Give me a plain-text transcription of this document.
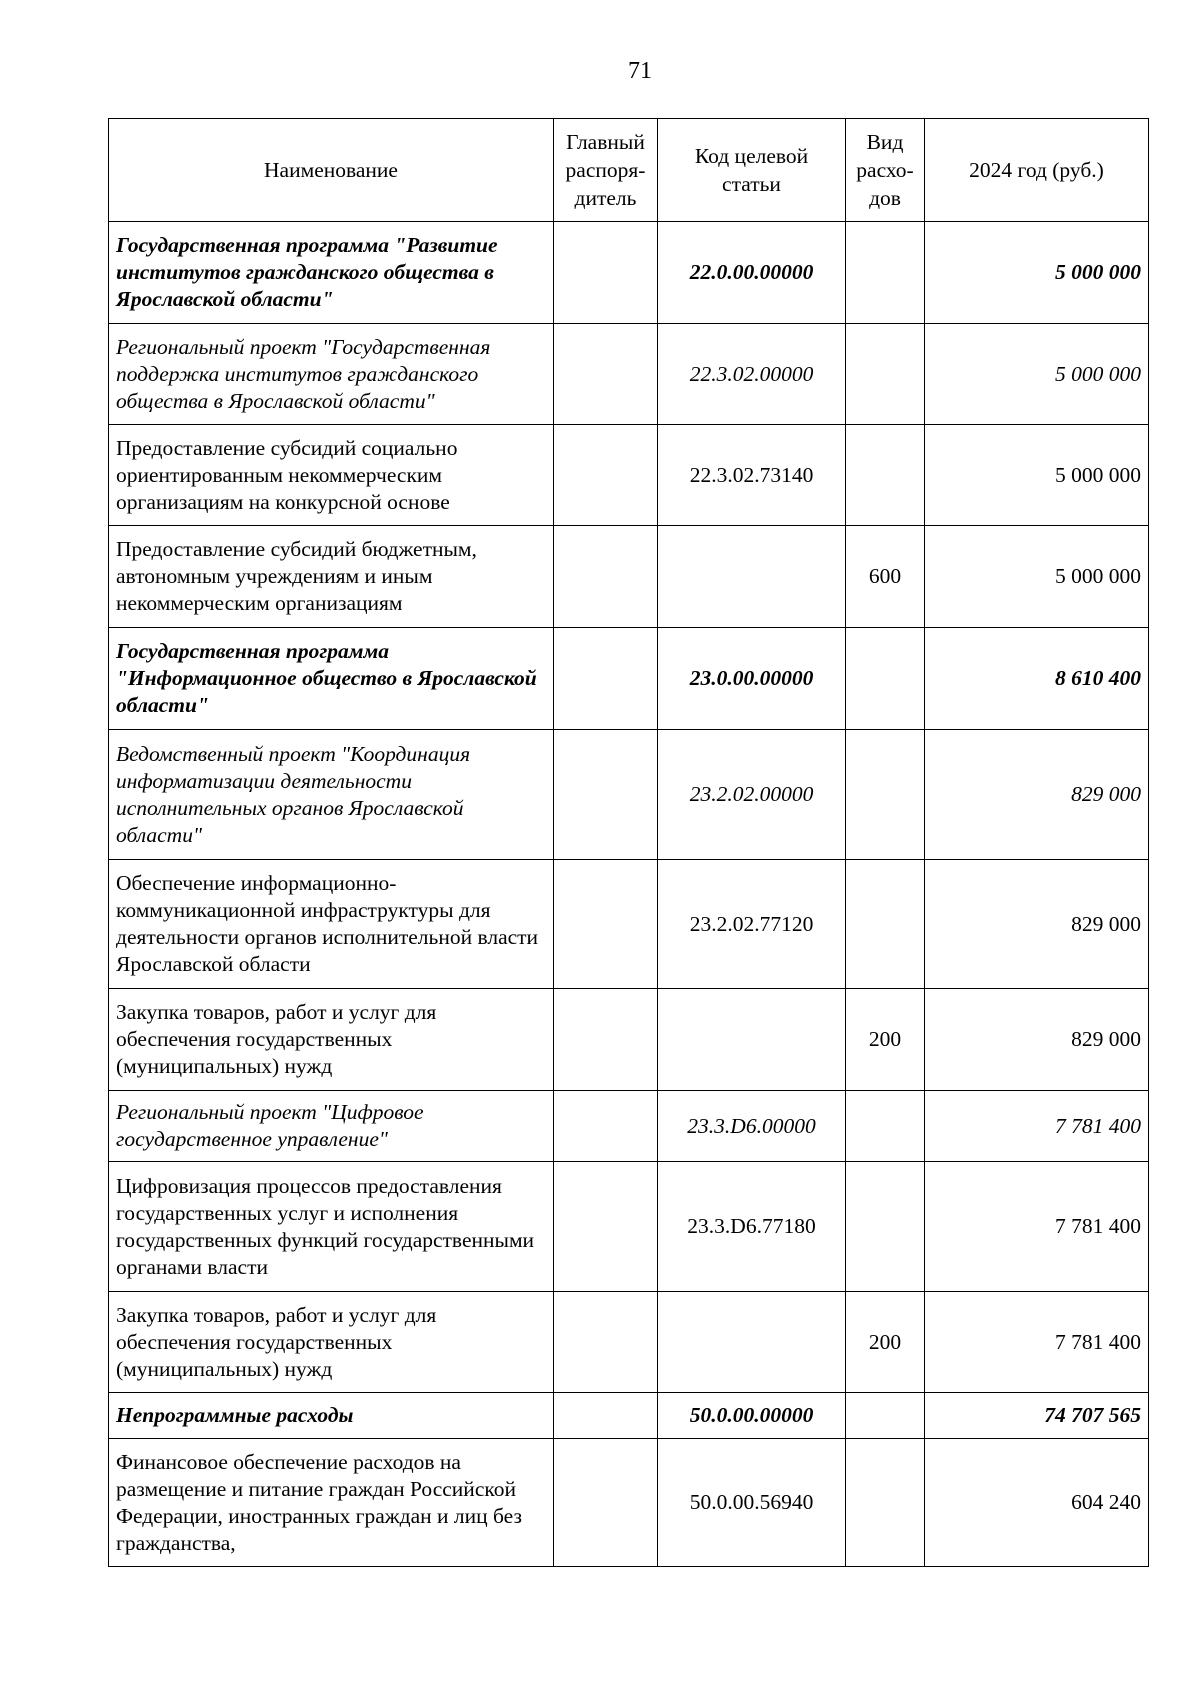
71
Наименование	Главный распоря-дитель	Код целевой статьи	Вид расхо-дов	2024 год (руб.)
Государственная программа "Развитие институтов гражданского общества в Ярославской области"		22.0.00.00000		5 000 000
Региональный проект "Государственная поддержка институтов гражданского общества в Ярославской области"		22.3.02.00000		5 000 000
Предоставление субсидий социально ориентированным некоммерческим организациям на конкурсной основе		22.3.02.73140		5 000 000
Предоставление субсидий бюджетным, автономным учреждениям и иным некоммерческим организациям			600	5 000 000
Государственная программа "Информационное общество в Ярославской области"		23.0.00.00000		8 610 400
Ведомственный проект "Координация информатизации деятельности исполнительных органов Ярославской области"		23.2.02.00000		829 000
Обеспечение информационно-коммуникационной инфраструктуры для деятельности органов исполнительной власти Ярославской области		23.2.02.77120		829 000
Закупка товаров, работ и услуг для обеспечения государственных (муниципальных) нужд			200	829 000
Региональный проект "Цифровое государственное управление"		23.3.D6.00000		7 781 400
Цифровизация процессов предоставления государственных услуг и исполнения государственных функций государственными органами власти		23.3.D6.77180		7 781 400
Закупка товаров, работ и услуг для обеспечения государственных (муниципальных) нужд			200	7 781 400
Непрограммные расходы		50.0.00.00000		74 707 565
Финансовое обеспечение расходов на размещение и питание граждан Российской Федерации, иностранных граждан и лиц без гражданства,		50.0.00.56940		604 240
